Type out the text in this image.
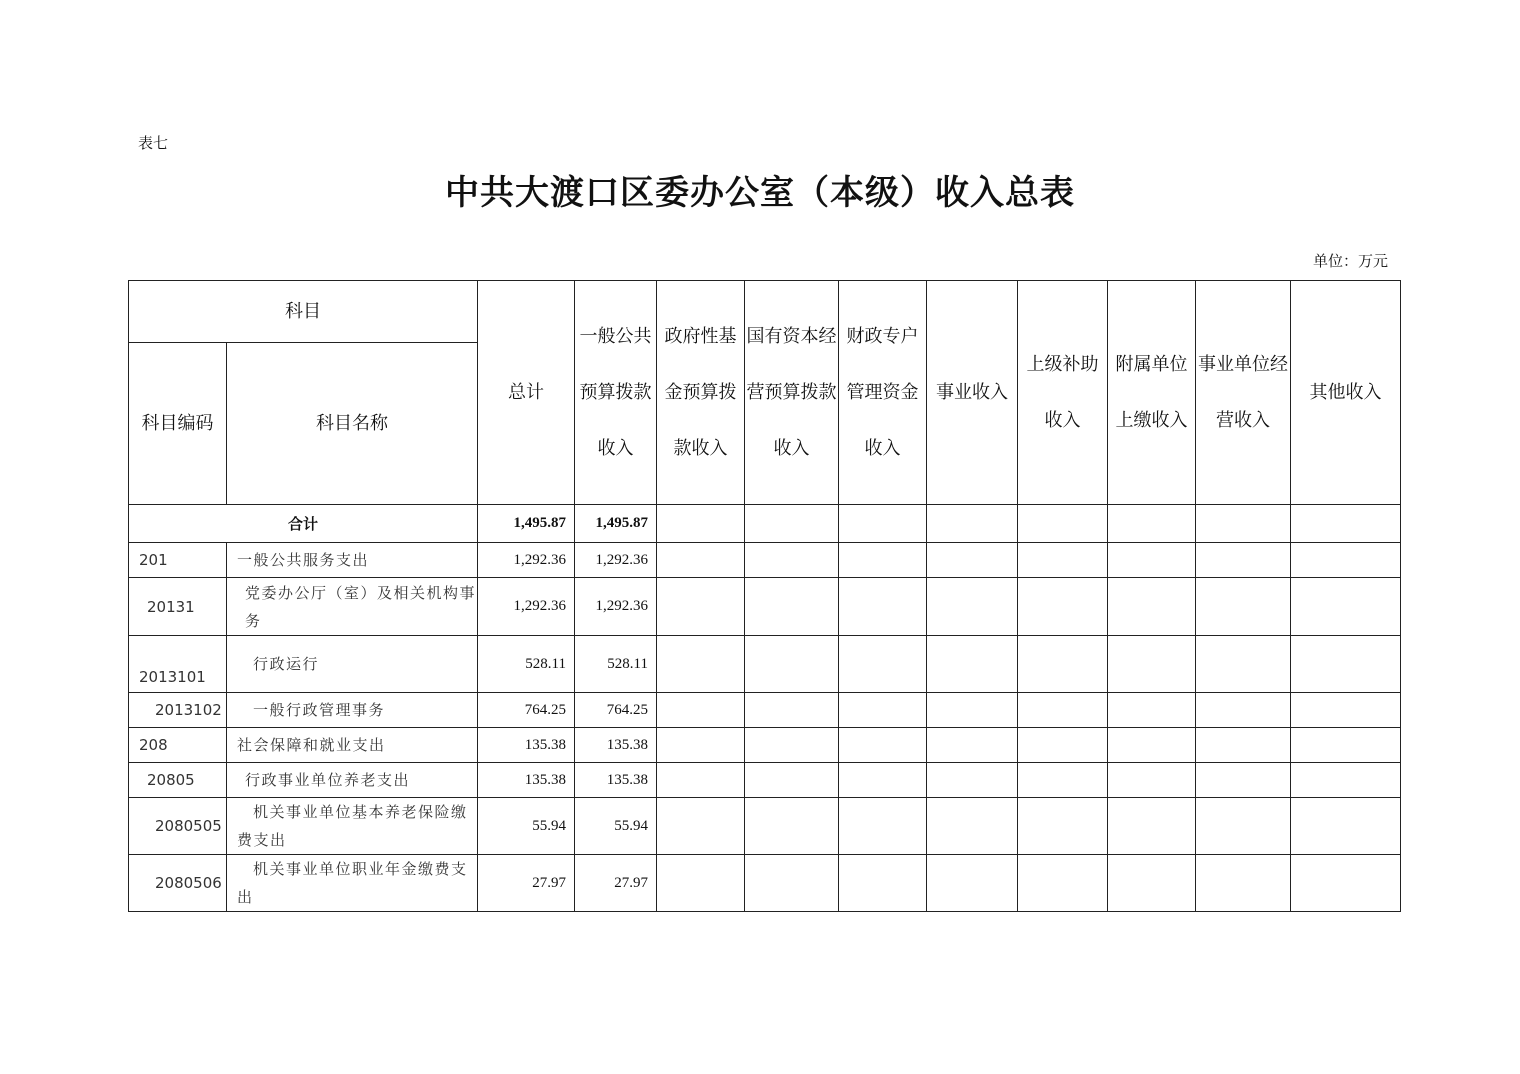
表七
中共大渡口区委办公室（本级）收入总表
单位：万元
科目		总计	一般公共预算拨款收入	政府性基金预算拨款收入	国有资本经营预算拨款收入	财政专户管理资金收入	事业收入	上级补助收入	附属单位上缴收入	事业单位经营收入	其他收入
科目编码	科目名称										
合计		1,495.87	1,495.87								
201	一般公共服务支出	1,292.36	1,292.36								
20131	党委办公厅（室）及相关机构事务	1,292.36	1,292.36								
2013101	行政运行	528.11	528.11								
2013102	一般行政管理事务	764.25	764.25								
208	社会保障和就业支出	135.38	135.38								
20805	行政事业单位养老支出	135.38	135.38								
2080505	机关事业单位基本养老保险缴费支出	55.94	55.94								
2080506	机关事业单位职业年金缴费支出	27.97	27.97								
